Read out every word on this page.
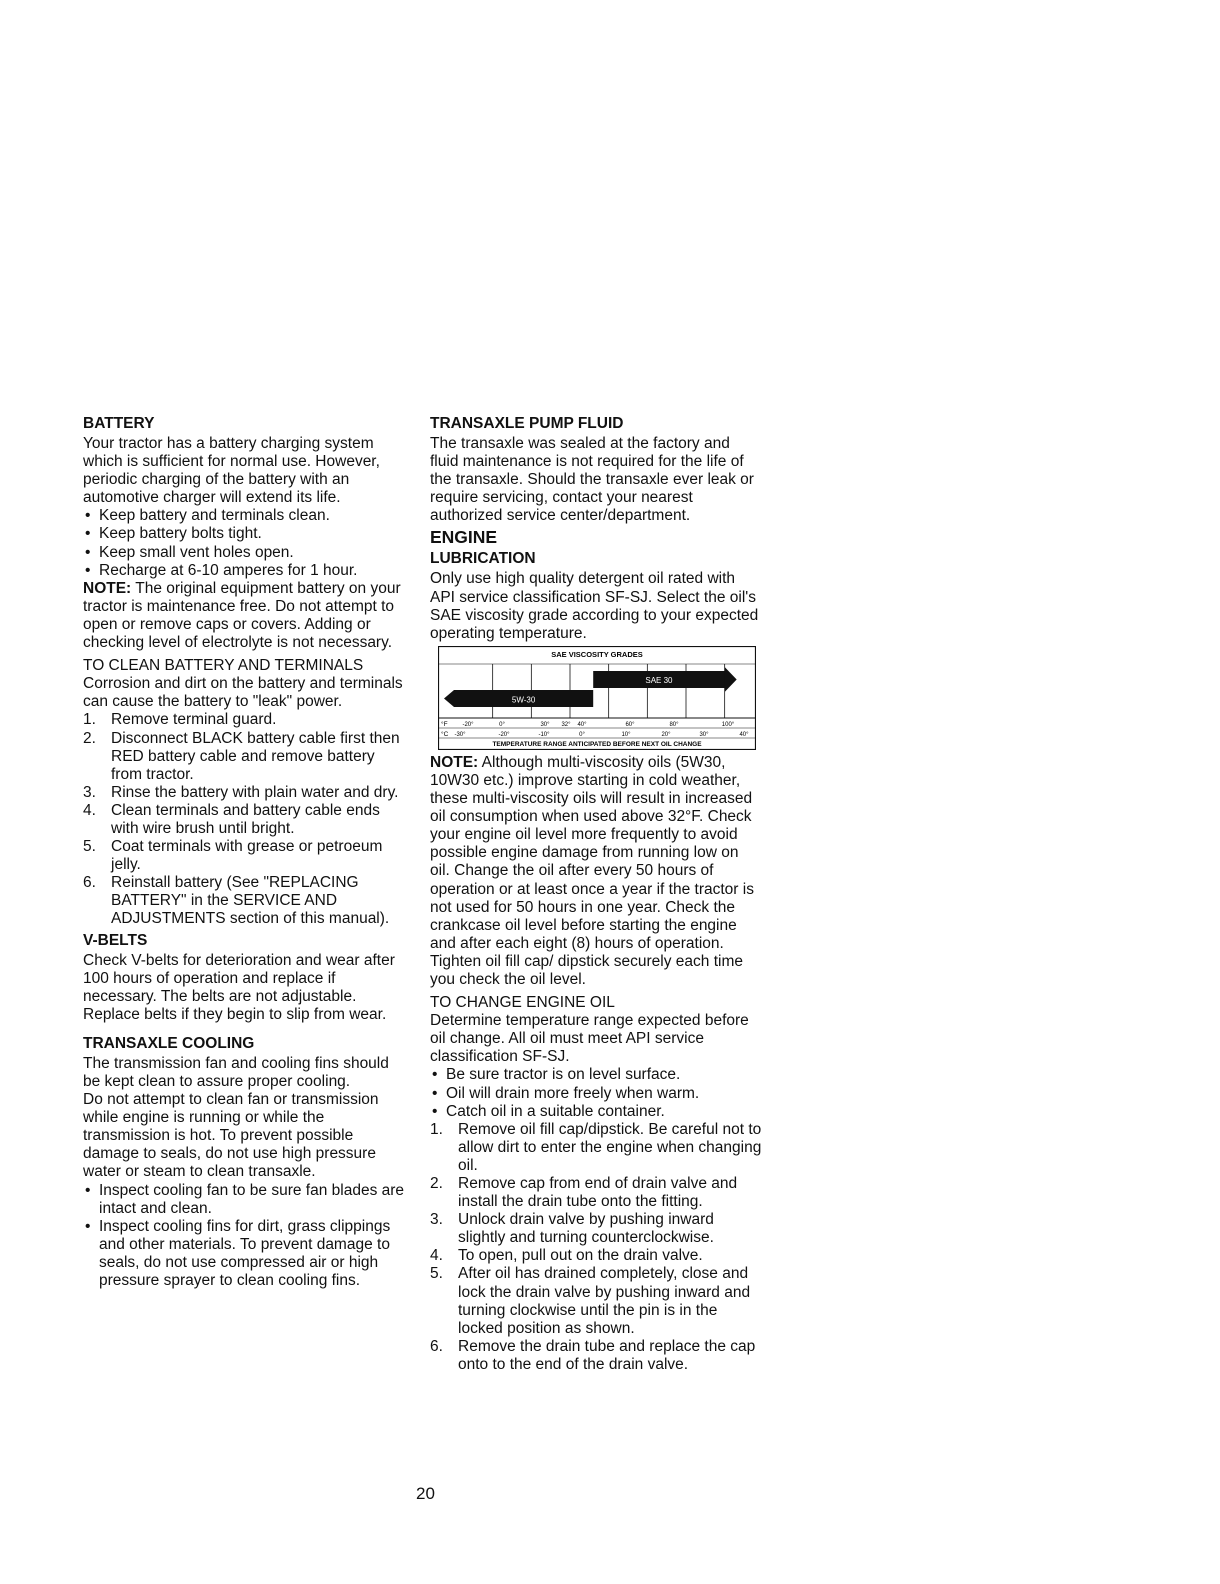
BATTERY

Your tractor has a battery charging system which is sufficient for normal use. However, periodic charging of the battery with an automotive charger will extend its life.

• Keep battery and terminals clean.
• Keep battery bolts tight.
• Keep small vent holes open.
• Recharge at 6-10 amperes for 1 hour.

NOTE: The original equipment battery on your tractor is maintenance free. Do not attempt to open or remove caps or covers. Adding or checking level of electrolyte is not necessary.

TO CLEAN BATTERY AND TERMINALS

Corrosion and dirt on the battery and terminals can cause the battery to "leak" power.

1. Remove terminal guard.
2. Disconnect BLACK battery cable first then RED battery cable and remove battery from tractor.
3. Rinse the battery with plain water and dry.
4. Clean terminals and battery cable ends with wire brush until bright.
5. Coat terminals with grease or petroeum jelly.
6. Reinstall battery (See "REPLACING BATTERY" in the SERVICE AND ADJUSTMENTS section of this manual).
V-BELTS

Check V-belts for deterioration and wear after 100 hours of operation and replace if necessary. The belts are not adjustable. Replace belts if they begin to slip from wear.

TRANSAXLE COOLING

The transmission fan and cooling fins should be kept clean to assure proper cooling.

Do not attempt to clean fan or transmission while engine is running or while the transmission is hot. To prevent possible damage to seals, do not use high pressure water or steam to clean transaxle.

• Inspect cooling fan to be sure fan blades are intact and clean.
• Inspect cooling fins for dirt, grass clippings and other materials. To prevent damage to seals, do not use compressed air or high pressure sprayer to clean cooling fins.
TRANSAXLE PUMP FLUID

The transaxle was sealed at the factory and fluid maintenance is not required for the life of the transaxle. Should the transaxle ever leak or require servicing, contact your nearest authorized service center/department.

ENGINE
LUBRICATION

Only use high quality detergent oil rated with API service classification SF-SJ. Select the oil's SAE viscosity grade according to your expected operating temperature.

SAE VISCOSITY GRADES
5W-30
SAE 30
°F
°C
-20°	0°	30° 32° 40°	60°	80°	100°
-30°	-20°	-10°	0°	10°	20°	30°	40°
TEMPERATURE RANGE ANTICIPATED BEFORE NEXT OIL CHANGE

NOTE: Although multi-viscosity oils (5W30, 10W30 etc.) improve starting in cold weather, these multi-viscosity oils will result in increased oil consumption when used above 32°F. Check your engine oil level more frequently to avoid possible engine damage from running low on oil. Change the oil after every 50 hours of operation or at least once a year if the tractor is not used for 50 hours in one year. Check the crankcase oil level before starting the engine and after each eight (8) hours of operation. Tighten oil fill cap/ dipstick securely each time you check the oil level.

TO CHANGE ENGINE OIL

Determine temperature range expected before oil change. All oil must meet API service classification SF-SJ.

• Be sure tractor is on level surface.
• Oil will drain more freely when warm.
• Catch oil in a suitable container.
1. Remove oil fill cap/dipstick. Be careful not to allow dirt to enter the engine when changing oil.
2. Remove cap from end of drain valve and install the drain tube onto the fitting.
3. Unlock drain valve by pushing inward slightly and turning counterclockwise.
4. To open, pull out on the drain valve.
5. After oil has drained completely, close and lock the drain valve by pushing inward and turning clockwise until the pin is in the locked position as shown.
6. Remove the drain tube and replace the cap onto to the end of the drain valve.
20
